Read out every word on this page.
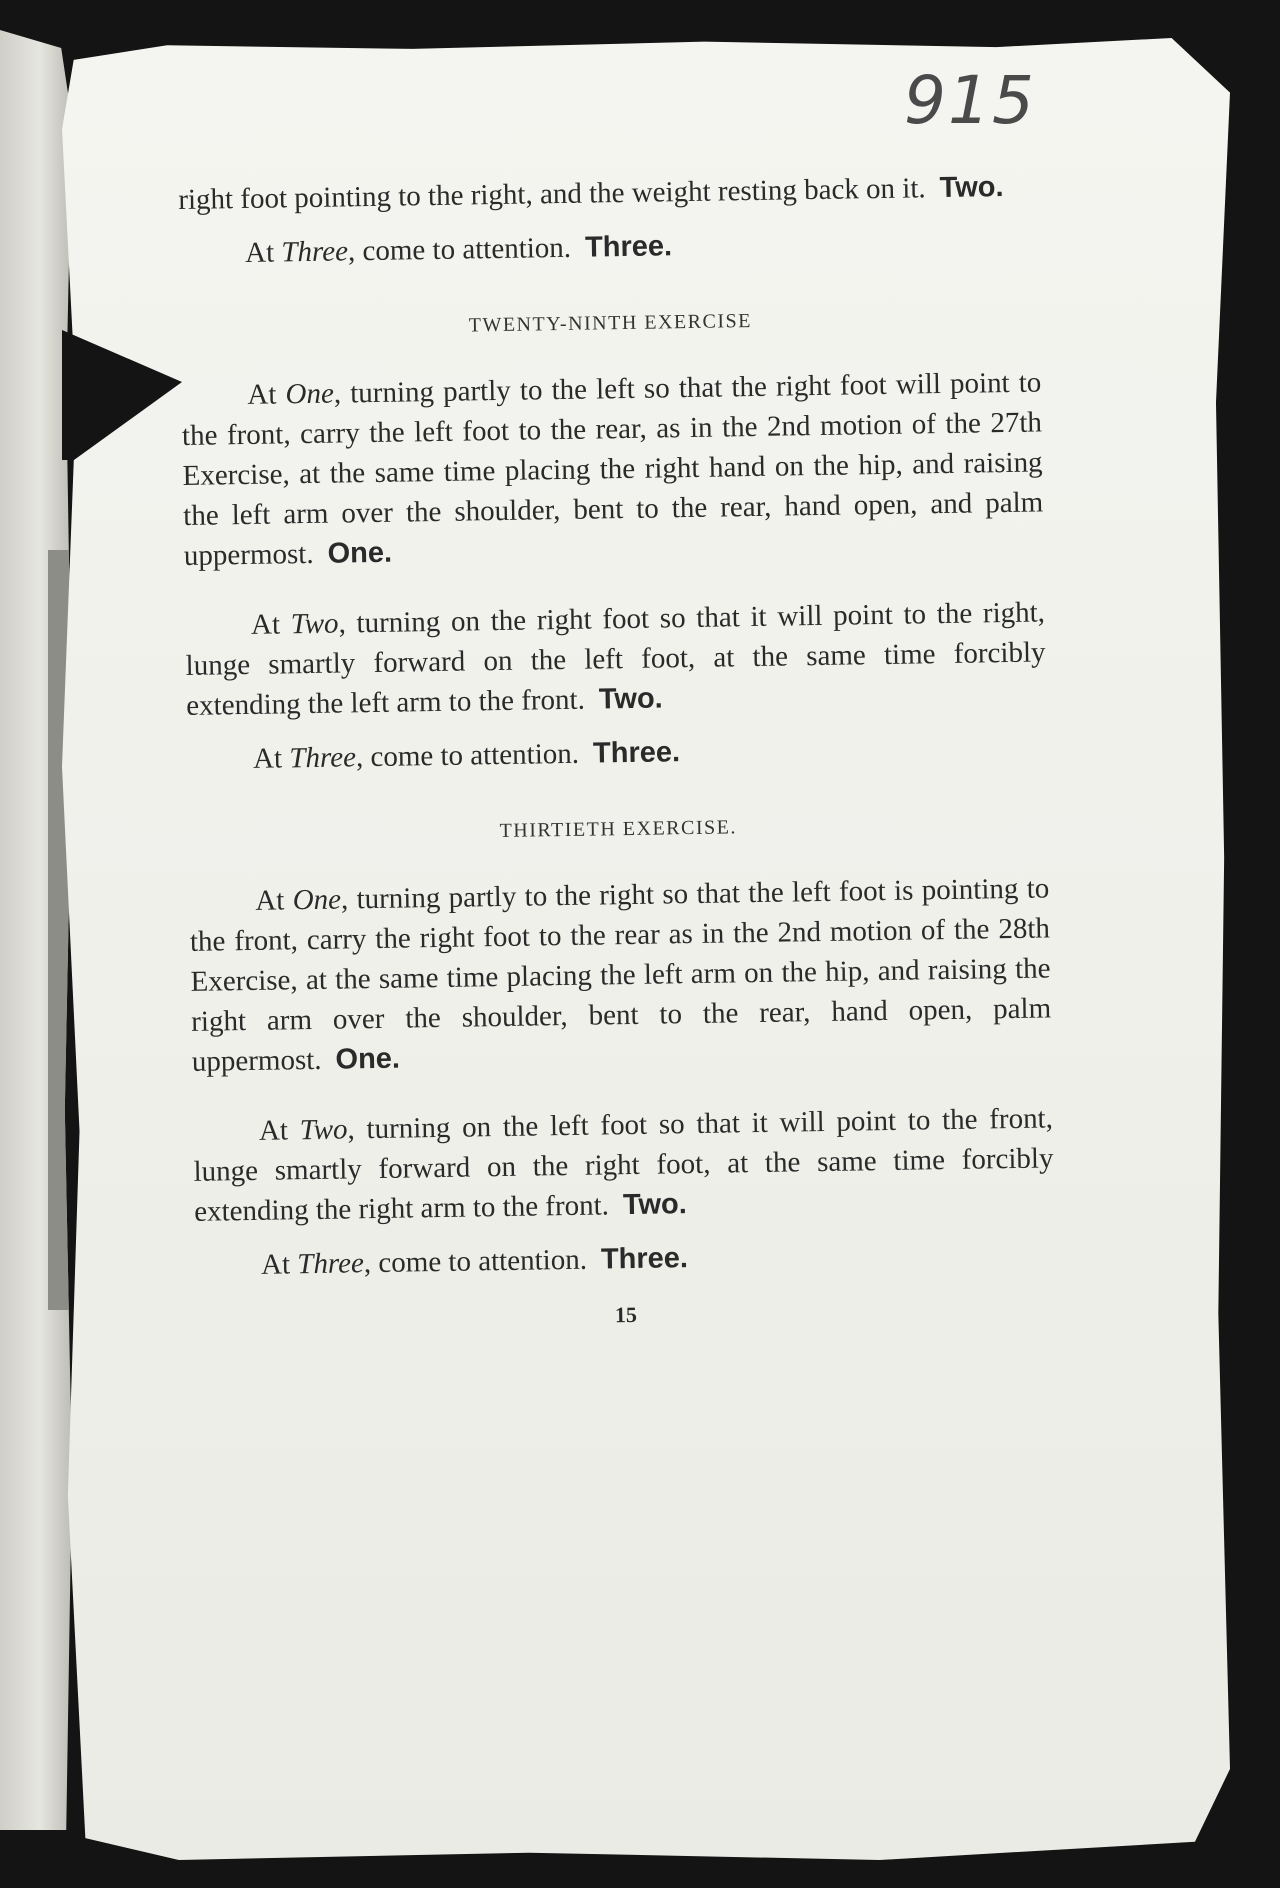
915

right foot pointing to the right, and the weight resting back on it. Two.

At Three, come to attention. Three.

TWENTY-NINTH EXERCISE

At One, turning partly to the left so that the right foot will point to the front, carry the left foot to the rear, as in the 2nd motion of the 27th Exercise, at the same time placing the right hand on the hip, and raising the left arm over the shoulder, bent to the rear, hand open, and palm uppermost. One.

At Two, turning on the right foot so that it will point to the right, lunge smartly forward on the left foot, at the same time forcibly extending the left arm to the front. Two.

At Three, come to attention. Three.

THIRTIETH EXERCISE.

At One, turning partly to the right so that the left foot is pointing to the front, carry the right foot to the rear as in the 2nd motion of the 28th Exercise, at the same time placing the left arm on the hip, and raising the right arm over the shoulder, bent to the rear, hand open, palm uppermost. One.

At Two, turning on the left foot so that it will point to the front, lunge smartly forward on the right foot, at the same time forcibly extending the right arm to the front. Two.

At Three, come to attention. Three.

15
